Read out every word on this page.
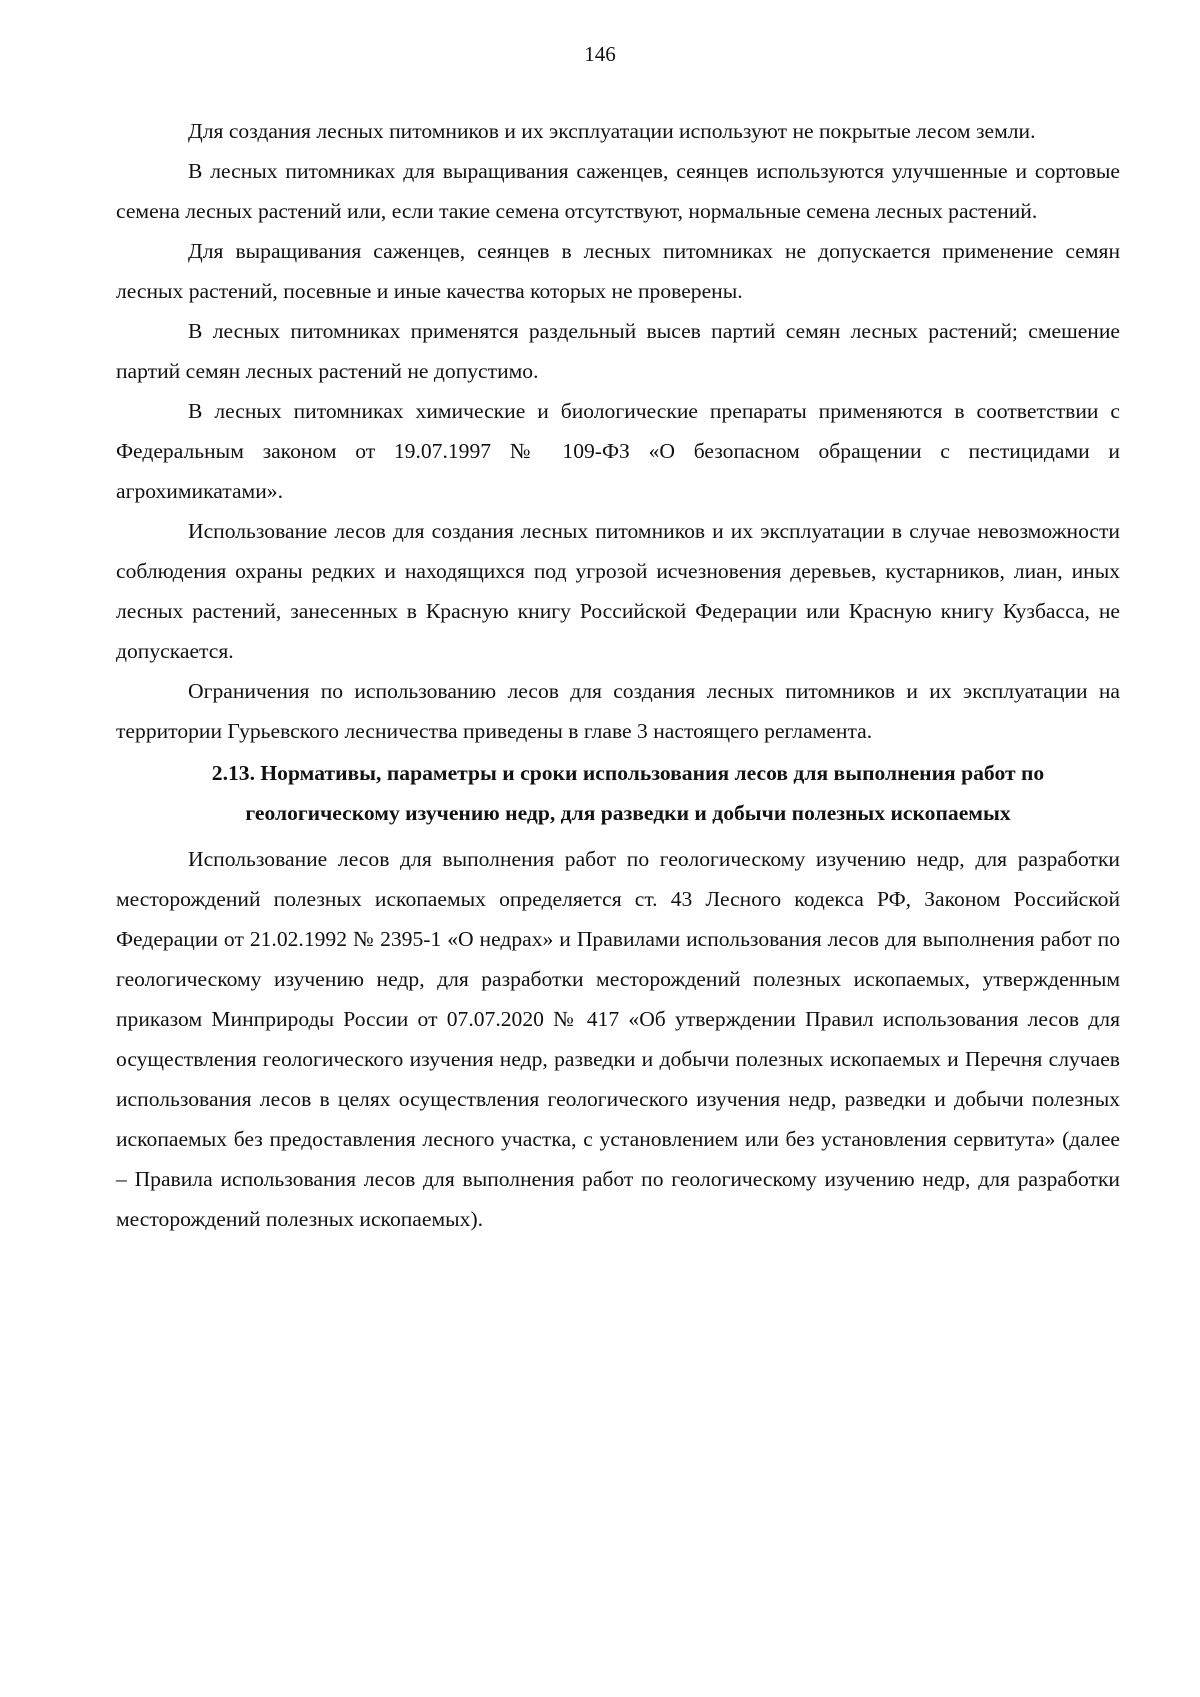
146

Для создания лесных питомников и их эксплуатации используют не покрытые лесом земли.

В лесных питомниках для выращивания саженцев, сеянцев используются улучшенные и сортовые семена лесных растений или, если такие семена отсутствуют, нормальные семена лесных растений.

Для выращивания саженцев, сеянцев в лесных питомниках не допускается применение семян лесных растений, посевные и иные качества которых не проверены.

В лесных питомниках применятся раздельный высев партий семян лесных растений; смешение партий семян лесных растений не допустимо.

В лесных питомниках химические и биологические препараты применяются в соответствии с Федеральным законом от 19.07.1997 № 109-ФЗ «О безопасном обращении с пестицидами и агрохимикатами».

Использование лесов для создания лесных питомников и их эксплуатации в случае невозможности соблюдения охраны редких и находящихся под угрозой исчезновения деревьев, кустарников, лиан, иных лесных растений, занесенных в Красную книгу Российской Федерации или Красную книгу Кузбасса, не допускается.

Ограничения по использованию лесов для создания лесных питомников и их эксплуатации на территории Гурьевского лесничества приведены в главе 3 настоящего регламента.

2.13. Нормативы, параметры и сроки использования лесов для выполнения работ по геологическому изучению недр, для разведки и добычи полезных ископаемых

Использование лесов для выполнения работ по геологическому изучению недр, для разработки месторождений полезных ископаемых определяется ст. 43 Лесного кодекса РФ, Законом Российской Федерации от 21.02.1992 № 2395-1 «О недрах» и Правилами использования лесов для выполнения работ по геологическому изучению недр, для разработки месторождений полезных ископаемых, утвержденным приказом Минприроды России от 07.07.2020 № 417 «Об утверждении Правил использования лесов для осуществления геологического изучения недр, разведки и добычи полезных ископаемых и Перечня случаев использования лесов в целях осуществления геологического изучения недр, разведки и добычи полезных ископаемых без предоставления лесного участка, с установлением или без установления сервитута» (далее – Правила использования лесов для выполнения работ по геологическому изучению недр, для разработки месторождений полезных ископаемых).
